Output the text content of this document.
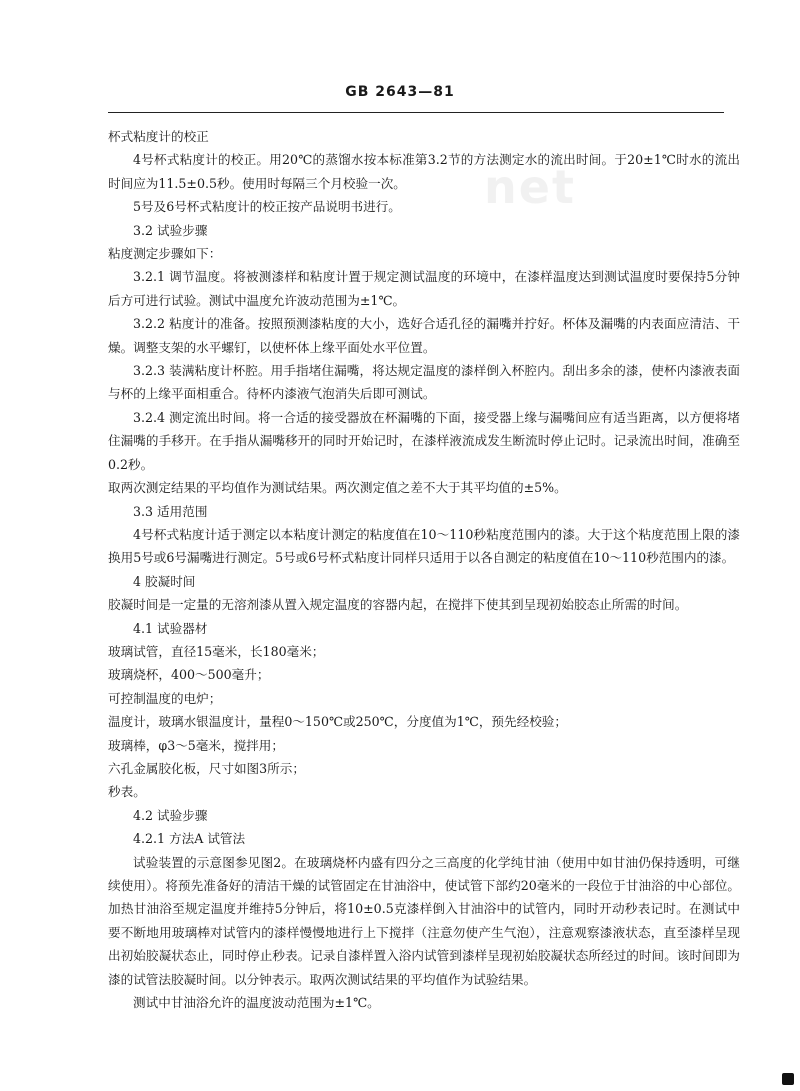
GB 2643—81
net

杯式粘度计的校正

4号杯式粘度计的校正。用20℃的蒸馏水按本标准第3.2节的方法测定水的流出时间。于20±1℃时水的流出时间应为11.5±0.5秒。使用时每隔三个月校验一次。

5号及6号杯式粘度计的校正按产品说明书进行。

3.2 试验步骤

粘度测定步骤如下：

3.2.1 调节温度。将被测漆样和粘度计置于规定测试温度的环境中，在漆样温度达到测试温度时要保持5分钟后方可进行试验。测试中温度允许波动范围为±1℃。

3.2.2 粘度计的准备。按照预测漆粘度的大小，选好合适孔径的漏嘴并拧好。杯体及漏嘴的内表面应清洁、干燥。调整支架的水平螺钉，以使杯体上缘平面处水平位置。

3.2.3 装满粘度计杯腔。用手指堵住漏嘴，将达规定温度的漆样倒入杯腔内。刮出多余的漆，使杯内漆液表面与杯的上缘平面相重合。待杯内漆液气泡消失后即可测试。

3.2.4 测定流出时间。将一合适的接受器放在杯漏嘴的下面，接受器上缘与漏嘴间应有适当距离，以方便将堵住漏嘴的手移开。在手指从漏嘴移开的同时开始记时，在漆样液流成发生断流时停止记时。记录流出时间，准确至0.2秒。

取两次测定结果的平均值作为测试结果。两次测定值之差不大于其平均值的±5%。

3.3 适用范围

4号杯式粘度计适于测定以本粘度计测定的粘度值在10～110秒粘度范围内的漆。大于这个粘度范围上限的漆换用5号或6号漏嘴进行测定。5号或6号杯式粘度计同样只适用于以各自测定的粘度值在10～110秒范围内的漆。

4 胶凝时间

胶凝时间是一定量的无溶剂漆从置入规定温度的容器内起，在搅拌下使其到呈现初始胶态止所需的时间。

4.1 试验器材

玻璃试管，直径15毫米，长180毫米；

玻璃烧杯，400～500毫升；

可控制温度的电炉；

温度计，玻璃水银温度计，量程0～150℃或250℃，分度值为1℃，预先经校验；

玻璃棒，φ3～5毫米，搅拌用；

六孔金属胶化板，尺寸如图3所示；

秒表。

4.2 试验步骤

4.2.1 方法A 试管法

试验装置的示意图参见图2。在玻璃烧杯内盛有四分之三高度的化学纯甘油（使用中如甘油仍保持透明，可继续使用）。将预先准备好的清洁干燥的试管固定在甘油浴中，使试管下部约20毫米的一段位于甘油浴的中心部位。加热甘油浴至规定温度并维持5分钟后，将10±0.5克漆样倒入甘油浴中的试管内，同时开动秒表记时。在测试中要不断地用玻璃棒对试管内的漆样慢慢地进行上下搅拌（注意勿使产生气泡），注意观察漆液状态，直至漆样呈现出初始胶凝状态止，同时停止秒表。记录自漆样置入浴内试管到漆样呈现初始胶凝状态所经过的时间。该时间即为漆的试管法胶凝时间。以分钟表示。取两次测试结果的平均值作为试验结果。

测试中甘油浴允许的温度波动范围为±1℃。
